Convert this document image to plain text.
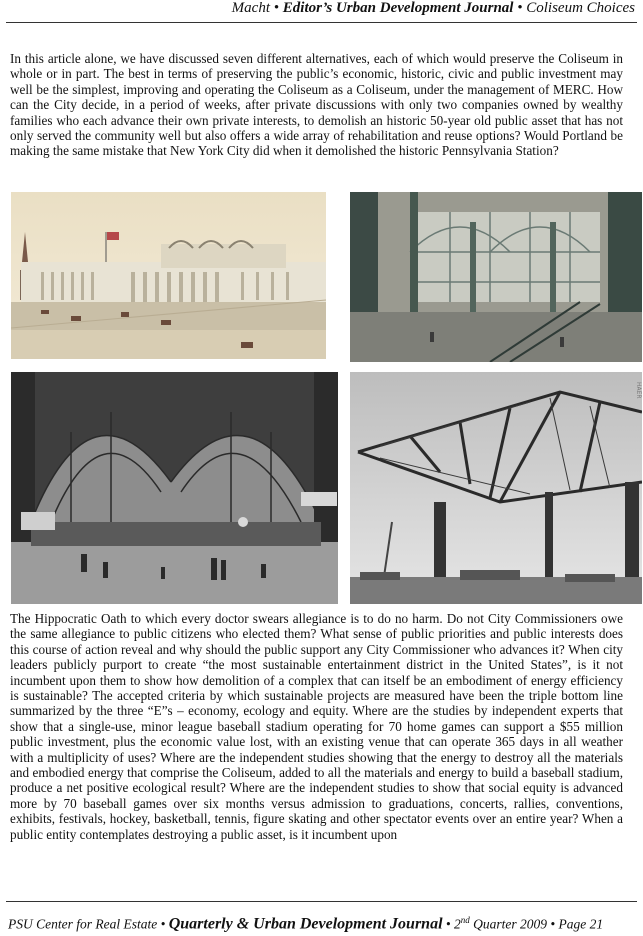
Macht • Editor’s Urban Development Journal • Coliseum Choices

In this article alone, we have discussed seven different alternatives, each of which would preserve the Coliseum in whole or in part. The best in terms of preserving the public’s economic, historic, civic and public investment may well be the simplest, improving and operating the Coliseum as a Coliseum, under the management of MERC. How can the City decide, in a period of weeks, after private discussions with only two companies owned by wealthy families who each advance their own private interests, to demolish an historic 50-year old public asset that has not only served the community well but also offers a wide array of rehabilitation and reuse options? Would Portland be making the same mistake that New York City did when it demolished the historic Pennsylvania Station?

HAER

The Hippocratic Oath to which every doctor swears allegiance is to do no harm. Do not City Commissioners owe the same allegiance to public citizens who elected them? What sense of public priorities and public interests does this course of action reveal and why should the public support any City Commissioner who advances it? When city leaders publicly purport to create “the most sustainable entertainment district in the United States”, is it not incumbent upon them to show how demolition of a complex that can itself be an embodiment of energy efficiency is sustainable? The accepted criteria by which sustainable projects are measured have been the triple bottom line summarized by the three “E”s – economy, ecology and equity. Where are the studies by independent experts that show that a single-use, minor league baseball stadium operating for 70 home games can support a $55 million public investment, plus the economic value lost, with an existing venue that can operate 365 days in all weather with a multiplicity of uses? Where are the independent studies showing that the energy to destroy all the materials and embodied energy that comprise the Coliseum, added to all the materials and energy to build a baseball stadium, produce a net positive ecological result? Where are the independent studies to show that social equity is advanced more by 70 baseball games over six months versus admission to graduations, concerts, rallies, conventions, exhibits, festivals, hockey, basketball, tennis, figure skating and other spectator events over an entire year? When a public entity contemplates destroying a public asset, is it incumbent upon

PSU Center for Real Estate • Quarterly & Urban Development Journal • 2nd Quarter 2009 • Page 21
